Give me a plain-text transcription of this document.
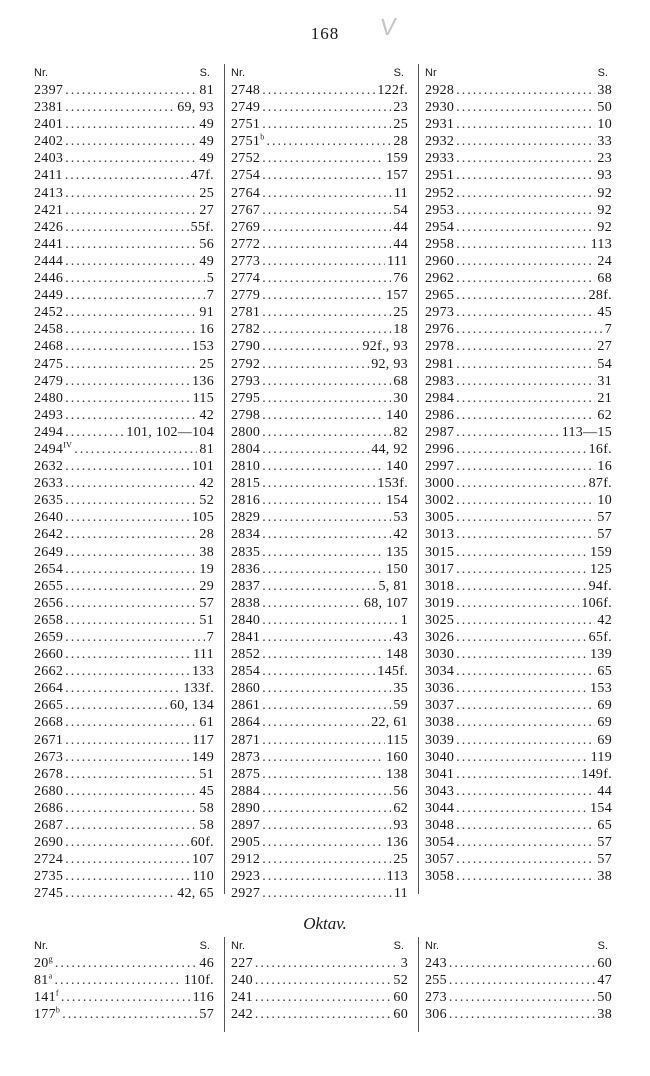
168	V
Nr.	S.
2397 .....	81
2381 .....	69, 93
2401 .....	49
2402 .....	49
2403 .....	49
2411 .....	47f.
2413 .....	25
2421 .....	27
2426 .....	55f.
2441 .....	56
2444 .....	49
2446 .....	5
2449 .....	7
2452 .....	91
2458 .....	16
2468 .....	153
2475 .....	25
2479 .....	136
2480 .....	115
2493 .....	42
2494 .....	101, 102—104
$2494^{IV}$ .....	81
2632 .....	101
2633 .....	42
2635 .....	52
2640 .....	105
2642 .....	28
2649 .....	38
2654 .....	19
2655 .....	29
2656 .....	57
2658 .....	51
2659 .....	7
2660 .....	111
2662 .....	133
2664 .....	133f.
2665 .....	60, 134
2668 .....	61
2671 .....	117
2673 .....	149
2678 .....	51
2680 .....	45
2686 .....	58
2687 .....	58
2690 .....	60f.
2724 .....	107
2735 .....	110
2745 .....	42, 65
Nr.	S.
2748 .....	122f.
2749 .....	23
2751 .....	25
2751$^b$ .....	28
2752 .....	159
2754 .....	157
2764 .....	11
2767 .....	54
2769 .....	44
2772 .....	44
2773 .....	111
2774 .....	76
2779 .....	157
2781 .....	25
2782 .....	18
2790 .....	92f., 93
2792 .....	92, 93
2793 .....	68
2795 .....	30
2798 .....	140
2800 .....	82
2804 .....	44, 92
2810 .....	140
2815 .....	153f.
2816 .....	154
2829 .....	53
2834 .....	42
2835 .....	135
2836 .....	150
2837 .....	5, 81
2838 .....	68, 107
2840 .....	1
2841 .....	43
2852 .....	148
2854 .....	145f.
2860 .....	35
2861 .....	59
2864 .....	22, 61
2871 .....	115
2873 .....	160
2875 .....	138
2884 .....	56
2890 .....	62
2897 .....	93
2905 .....	136
2912 .....	25
2923 .....	113
2927 .....	11
Nr	S.
2928 .....	38
2930 .....	50
2931 .....	10
2932 .....	33
2933 .....	23
2951 .....	93
2952 .....	92
2953 .....	92
2954 .....	92
2958 .....	113
2960 .....	24
2962 .....	68
2965 .....	28f.
2973 .....	45
2976 .....	7
2978 .....	27
2981 .....	54
2983 .....	31
2984 .....	21
2986 .....	62
2987 .....	113—15
2996 .....	16f.
2997 .....	16
3000 .....	87f.
3002 .....	10
3005 .....	57
3013 .....	57
3015 .....	159
3017 .....	125
3018 .....	94f.
3019 .....	106f.
3025 .....	42
3026 .....	65f.
3030 .....	139
3034 .....	65
3036 .....	153
3037 .....	69
3038 .....	69
3039 .....	69
3040 .....	119
3041 .....	149f.
3043 .....	44
3044 .....	154
3048 .....	65
3054 .....	57
3057 .....	57
3058 .....	38
Oktav.
Nr.	S.
20$^g$ .....	46
81$^a$ .....	110f.
141$^f$ .....	116
177$^b$ .....	57
Nr.	S.
227 .....	3
240 .....	52
241 .....	60
242 .....	60
Nr.	S.
243 .....	60
255 .....	47
273 .....	50
306 .....	38
